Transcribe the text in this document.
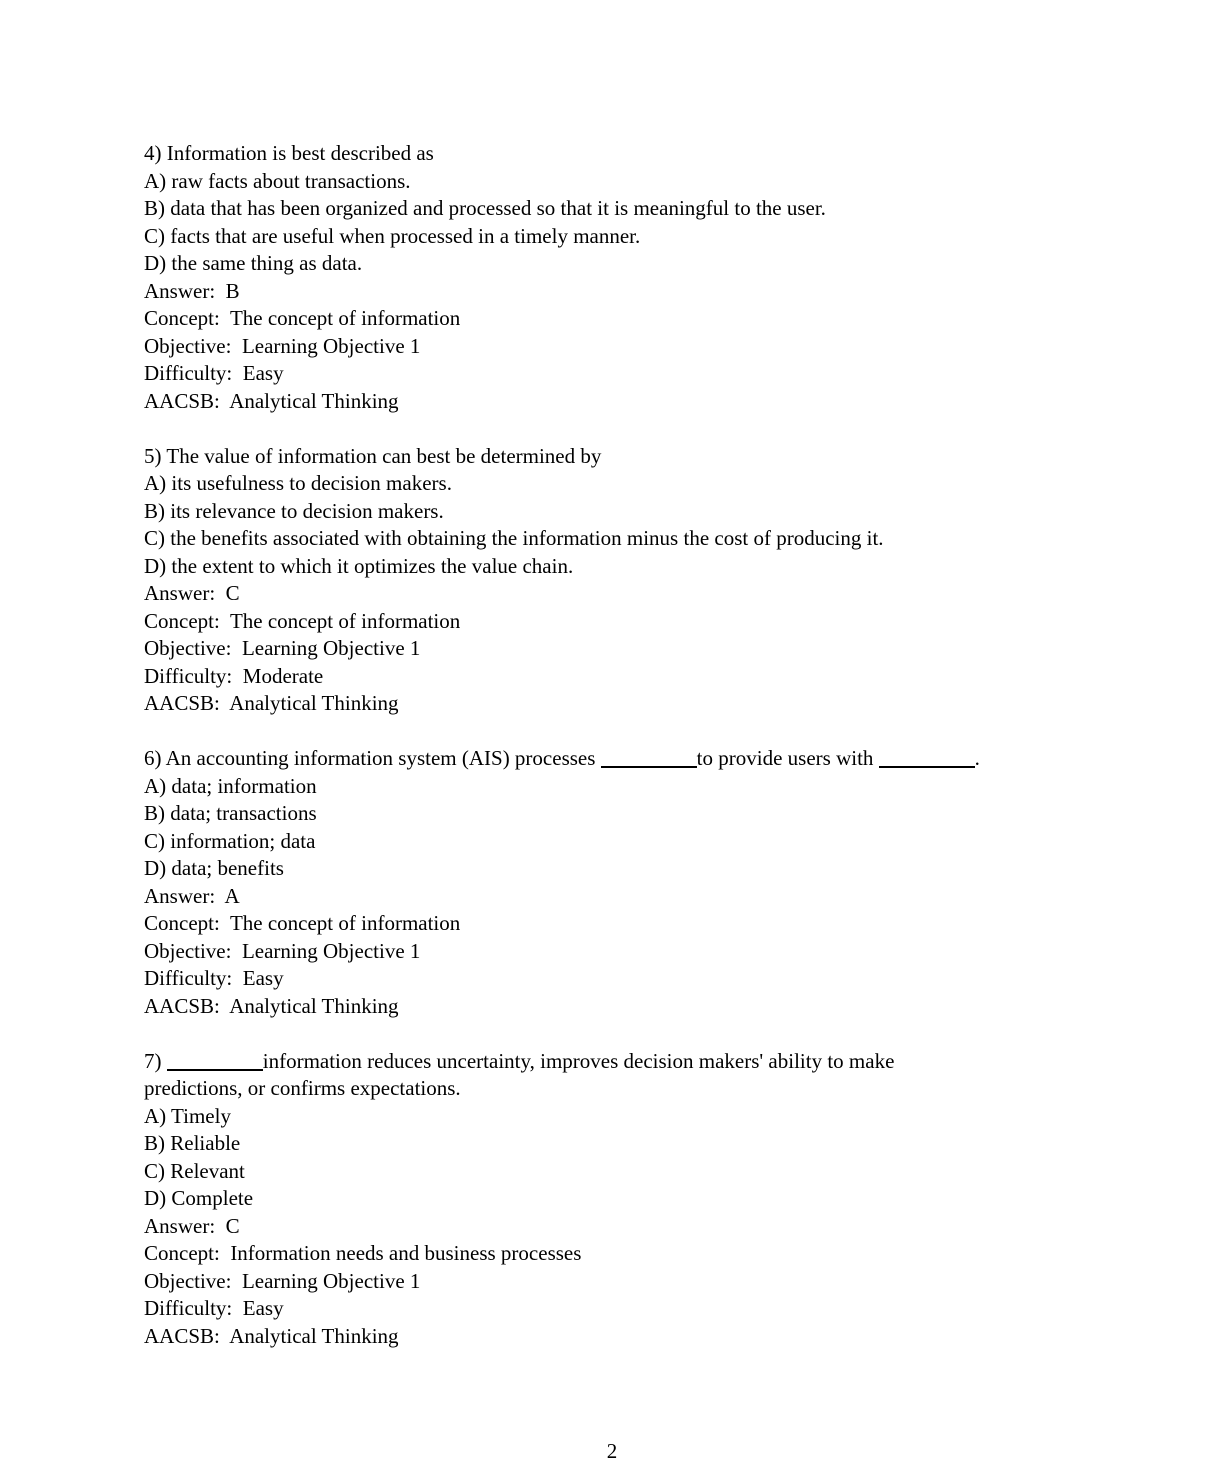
4) Information is best described as
A) raw facts about transactions.
B) data that has been organized and processed so that it is meaningful to the user.
C) facts that are useful when processed in a timely manner.
D) the same thing as data.
Answer:  B
Concept:  The concept of information
Objective:  Learning Objective 1
Difficulty:  Easy
AACSB:  Analytical Thinking
5) The value of information can best be determined by
A) its usefulness to decision makers.
B) its relevance to decision makers.
C) the benefits associated with obtaining the information minus the cost of producing it.
D) the extent to which it optimizes the value chain.
Answer:  C
Concept:  The concept of information
Objective:  Learning Objective 1
Difficulty:  Moderate
AACSB:  Analytical Thinking
6) An accounting information system (AIS) processes	to provide users with	.
A) data; information
B) data; transactions
C) information; data
D) data; benefits
Answer:  A
Concept:  The concept of information
Objective:  Learning Objective 1
Difficulty:  Easy
AACSB:  Analytical Thinking
7)	information reduces uncertainty, improves decision makers' ability to make
predictions, or confirms expectations.
A) Timely
B) Reliable
C) Relevant
D) Complete
Answer:  C
Concept:  Information needs and business processes
Objective:  Learning Objective 1
Difficulty:  Easy
AACSB:  Analytical Thinking
2
